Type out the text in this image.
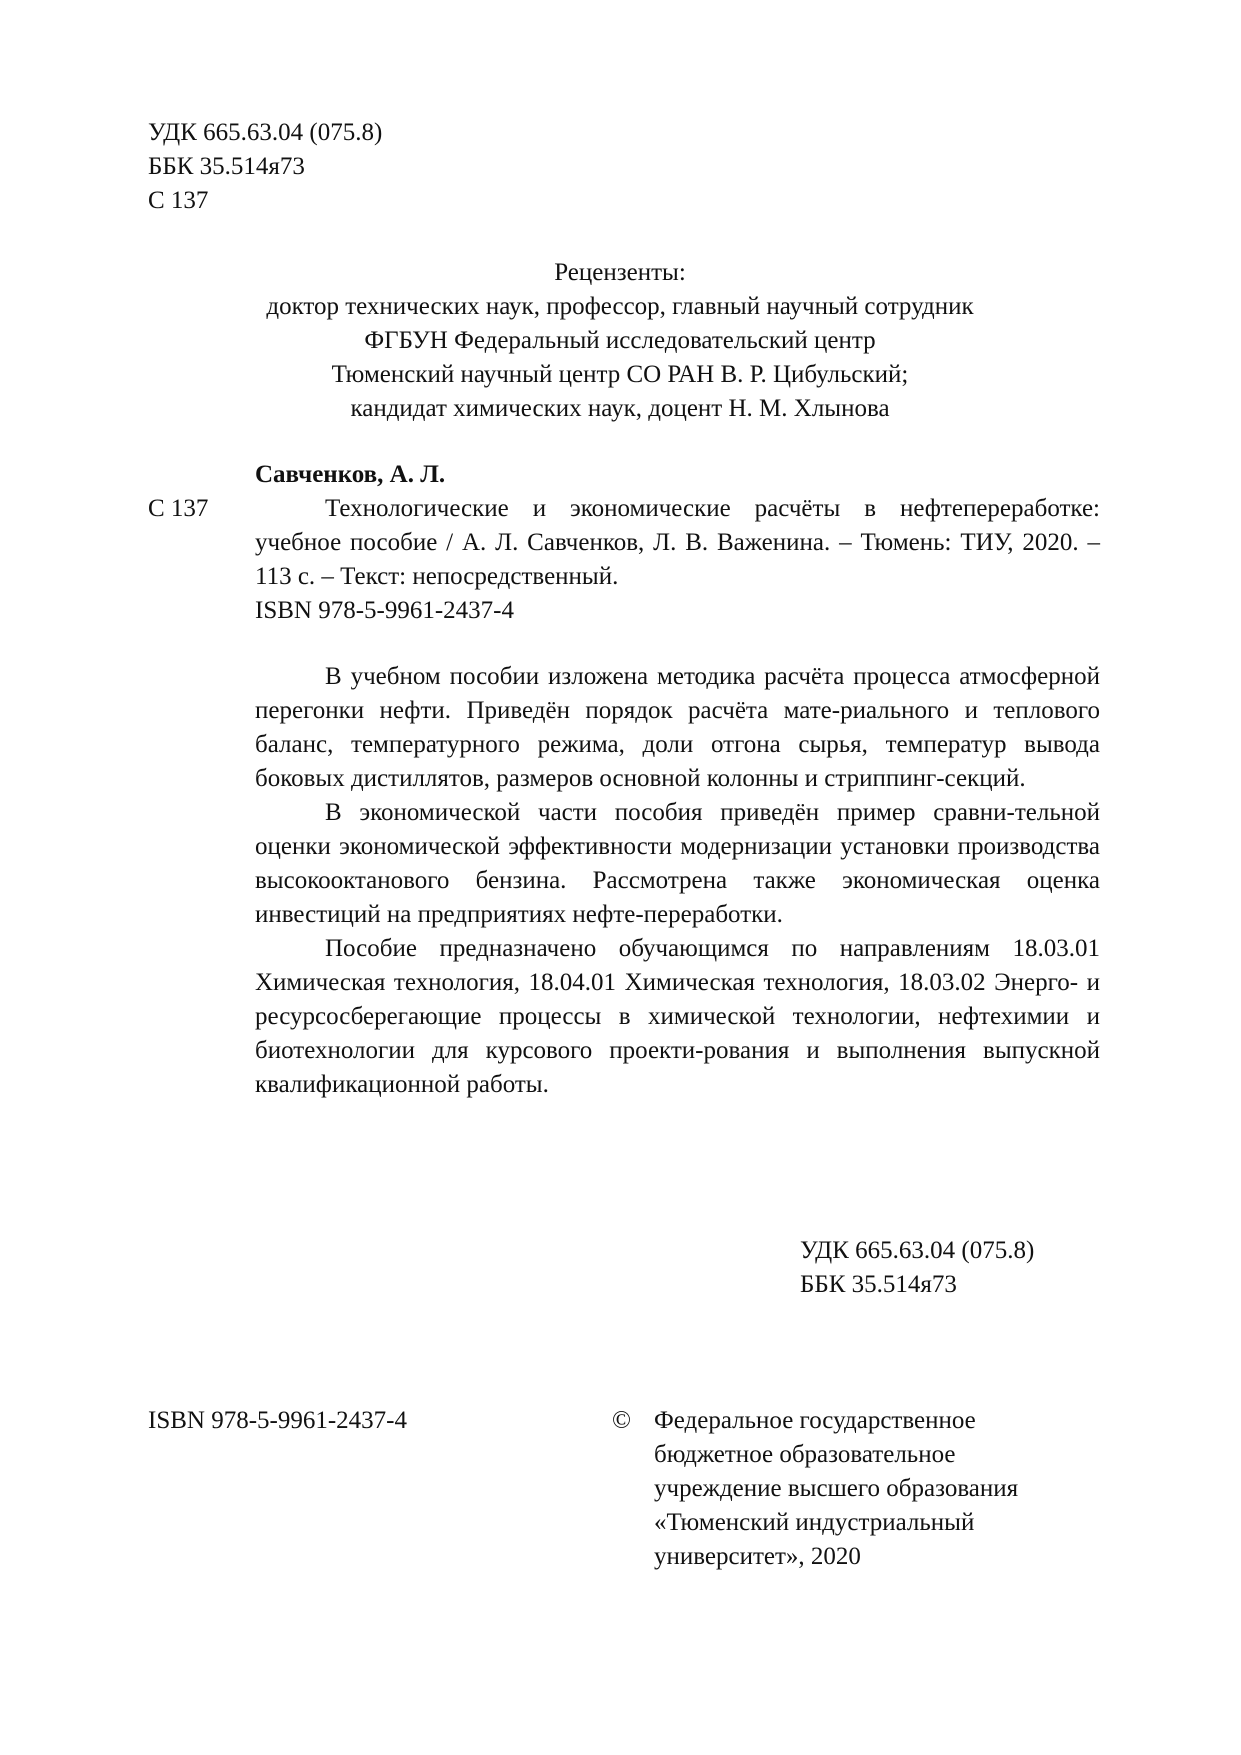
УДК 665.63.04 (075.8)
ББК 35.514я73
С 137
Рецензенты:
доктор технических наук, профессор, главный научный сотрудник
ФГБУН Федеральный исследовательский центр
Тюменский научный центр СО РАН В. Р. Цибульский;
кандидат химических наук, доцент Н. М. Хлынова
Савченков, А. Л.
С 137	Технологические и экономические расчёты в нефтепереработке: учебное пособие / А. Л. Савченков, Л. В. Важенина. – Тюмень: ТИУ, 2020. – 113 с. – Текст: непосредственный.
ISBN 978-5-9961-2437-4

В учебном пособии изложена методика расчёта процесса атмосферной перегонки нефти. Приведён порядок расчёта мате-риального и теплового баланс, температурного режима, доли отгона сырья, температур вывода боковых дистиллятов, размеров основной колонны и стриппинг-секций.

В экономической части пособия приведён пример сравни-тельной оценки экономической эффективности модернизации установки производства высокооктанового бензина. Рассмотрена также экономическая оценка инвестиций на предприятиях нефте-переработки.

Пособие предназначено обучающимся по направлениям 18.03.01 Химическая технология, 18.04.01 Химическая технология, 18.03.02 Энерго- и ресурсосберегающие процессы в химической технологии, нефтехимии и биотехнологии для курсового проекти-рования и выполнения выпускной квалификационной работы.

УДК 665.63.04 (075.8)
ББК 35.514я73
ISBN 978-5-9961-2437-4	© Федеральное государственное
бюджетное образовательное
учреждение высшего образования
«Тюменский индустриальный
университет», 2020
